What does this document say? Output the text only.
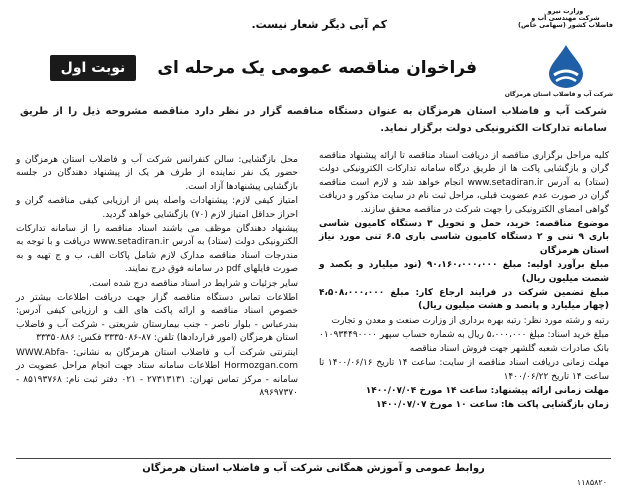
کم آبی دیگر شعار نیست.
وزارت نیرو
شرکت مهندسی آب و فاضلاب کشور (سهامی خاص)
شرکت آب و فاضلاب استان هرمزگان
فراخوان مناقصه عمومی یک مرحله ای
نوبت اول
شرکت آب و فاضلاب استان هرمزگان به عنوان دستگاه مناقصه گزار در نظر دارد مناقصه مشروحه ذیل را از طریق سامانه تدارکات الکترونیکی دولت برگزار نماید.

کلیه مراحل برگزاری مناقصه از دریافت اسناد مناقصه تا ارائه پیشنهاد مناقصه گران و بازگشایی پاکت ها از طریق درگاه سامانه تدارکات الکترونیکی دولت (ستاد) به آدرس www.setadiran.ir انجام خواهد شد و لازم است مناقصه گران در صورت عدم عضویت قبلی، مراحل ثبت نام در سایت مذکور و دریافت گواهی امضای الکترونیکی را جهت شرکت در مناقصه محقق سازند.

موضوع مناقصه: خرید، حمل و تحویل ۳ دستگاه کامیون شاسی باری ۹ تنی و ۲ دستگاه کامیون شاسی باری ۶.۵ تنی مورد نیاز استان هرمزگان

مبلغ برآورد اولیه: مبلغ ۹۰،۱۶۰،۰۰۰،۰۰۰ (نود میلیارد و یکصد و شصت میلیون ریال)

مبلغ تضمین شرکت در فرایند ارجاع کار: مبلغ ۴،۵۰۸،۰۰۰،۰۰۰ (چهار میلیارد و پانصد و هشت میلیون ریال)

رتبه و رشته مورد نظر: رتبه بهره برداری از وزارت صنعت و معدن و تجارت

مبلغ خرید اسناد: مبلغ ۵،۰۰۰،۰۰۰ ریال به شماره حساب سپهر ۰۱۰۹۳۴۴۹۰۰۰۰ بانک صادرات شعبه گلشهر جهت فروش اسناد مناقصه

مهلت زمانی دریافت اسناد مناقصه از سایت: ساعت ۱۴ تاریخ ۱۴۰۰/۰۶/۱۶ تا ساعت ۱۴ تاریخ ۱۴۰۰/۰۶/۲۲

مهلت زمانی ارائه پیشنهاد: ساعت ۱۴ مورخ ۱۴۰۰/۰۷/۰۴

زمان بازگشایی پاکت ها: ساعت ۱۰ مورخ ۱۴۰۰/۰۷/۰۷

محل بازگشایی: سالن کنفرانس شرکت آب و فاضلاب استان هرمزگان و حضور یک نفر نماینده از طرف هر یک از پیشنهاد دهندگان در جلسه بازگشایی پیشنهادها آزاد است.

امتیاز کیفی لازم: پیشنهادات واصله پس از ارزیابی کیفی مناقصه گران و احراز حداقل امتیاز لازم (۷۰) بازگشایی خواهد گردید.

پیشنهاد دهندگان موظف می باشند اسناد مناقصه را از سامانه تدارکات الکترونیکی دولت (ستاد) به آدرس www.setadiran.ir دریافت و با توجه به مندرجات اسناد مناقصه مدارک لازم شامل پاکات الف، ب و ج تهیه و به صورت فایلهای pdf در سامانه فوق درج نمایند.

سایر جزئیات و شرایط در اسناد مناقصه درج شده است.

اطلاعات تماس دستگاه مناقصه گزار جهت دریافت اطلاعات بیشتر در خصوص اسناد مناقصه و ارائه پاکت های الف و ارزیابی کیفی آدرس: بندرعباس - بلوار ناصر - جنب بیمارستان شریعتی - شرکت آب و فاضلاب استان هرمزگان (امور قراردادها) تلفن: ۸۷-۳۳۳۵۰۸۶ فکس: ۳۳۳۵۰۸۸۶

اینترنتی شرکت آب و فاضلاب استان هرمزگان به نشانی: WWW.Abfa-Hormozgan.com اطلاعات سامانه ستاد جهت انجام مراحل عضویت در سامانه - مرکز تماس تهران: ۲۷۳۱۳۱۳۱ - ۰۲۱ دفتر ثبت نام: ۸۵۱۹۳۷۶۸ - ۸۹۶۹۷۳۷۰

روابط عمومی و آموزش همگانی شرکت آب و فاضلاب استان هرمزگان
۱۱۸۵۸۲۰
